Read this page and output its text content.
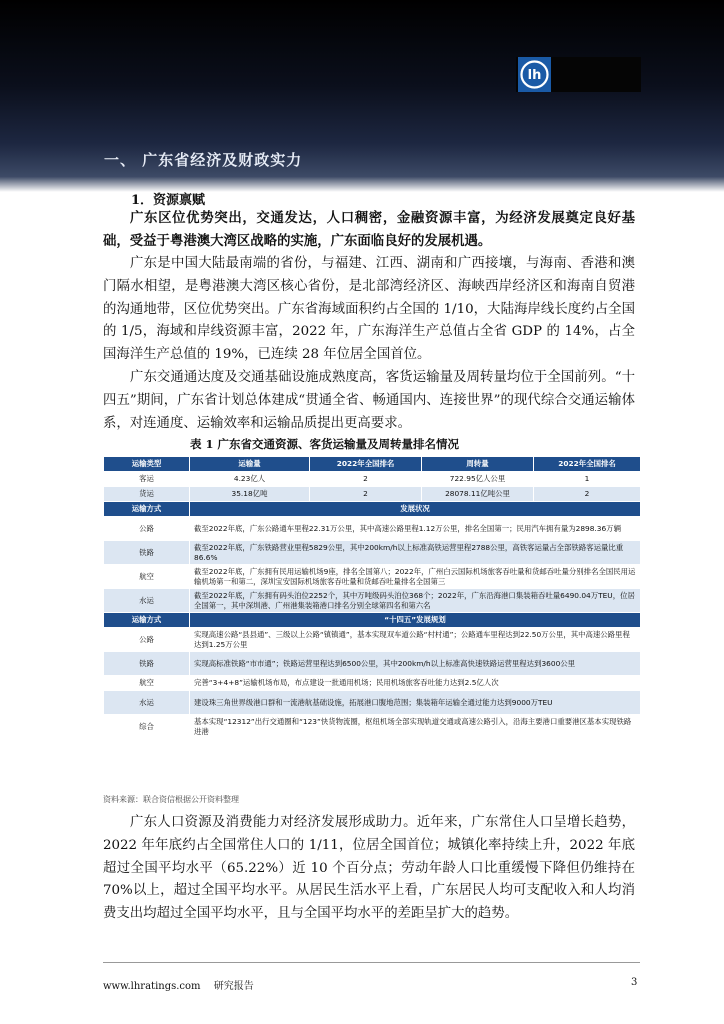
lh
一、 广东省经济及财政实力
1．资源禀赋

广东区位优势突出，交通发达，人口稠密，金融资源丰富，为经济发展奠定良好基础，受益于粤港澳大湾区战略的实施，广东面临良好的发展机遇。

广东是中国大陆最南端的省份，与福建、江西、湖南和广西接壤，与海南、香港和澳门隔水相望，是粤港澳大湾区核心省份，是北部湾经济区、海峡西岸经济区和海南自贸港的沟通地带，区位优势突出。广东省海域面积约占全国的 1/10，大陆海岸线长度约占全国的 1/5，海域和岸线资源丰富，2022 年，广东海洋生产总值占全省 GDP 的 14%，占全国海洋生产总值的 19%，已连续 28 年位居全国首位。

广东交通通达度及交通基础设施成熟度高，客货运输量及周转量均位于全国前列。“十四五”期间，广东省计划总体建成“贯通全省、畅通国内、连接世界”的现代综合交通运输体系，对连通度、运输效率和运输品质提出更高要求。

表 1 广东省交通资源、客货运输量及周转量排名情况
运输类型	运输量	2022年全国排名	周转量	2022年全国排名
客运	4.23亿人	2	722.95亿人公里	1
货运	35.18亿吨	2	28078.11亿吨公里	2
运输方式	发展状况			
公路	截至2022年底，广东公路通车里程22.31万公里，其中高速公路里程1.12万公里，排名全国第一；民用汽车拥有量为2898.36万辆			
铁路	截至2022年底，广东铁路营业里程5829公里，其中200km/h以上标准高铁运营里程2788公里，高铁客运量占全部铁路客运量比重86.6%			
航空	截至2022年底，广东拥有民用运输机场9座，排名全国第八；2022年，广州白云国际机场旅客吞吐量和货邮吞吐量分别排名全国民用运输机场第一和第二，深圳宝安国际机场旅客吞吐量和货邮吞吐量排名全国第三			
水运	截至2022年底，广东拥有码头泊位2252个，其中万吨级码头泊位368个；2022年，广东沿海港口集装箱吞吐量6490.04万TEU，位居全国第一，其中深圳港、广州港集装箱港口排名分别全球第四名和第六名			
运输方式	“十四五”发展规划			
公路	实现高速公路“县县通”、三级以上公路“镇镇通”，基本实现双车道公路“村村通”；公路通车里程达到22.50万公里，其中高速公路里程达到1.25万公里			
铁路	实现高标准铁路“市市通”；铁路运营里程达到6500公里，其中200km/h以上标准高快速铁路运营里程达到3600公里			
航空	完善“3+4+8”运输机场布局，布点建设一批通用机场；民用机场旅客吞吐能力达到2.5亿人次			
水运	建设珠三角世界级港口群和一流港航基础设施，拓展港口腹地范围；集装箱年运输全通过能力达到9000万TEU			
综合	基本实现“12312”出行交通圈和“123”快货物流圈，枢纽机场全部实现轨道交通或高速公路引入，沿海主要港口重要港区基本实现铁路进港			
资料来源：联合资信根据公开资料整理

广东人口资源及消费能力对经济发展形成助力。近年来，广东常住人口呈增长趋势，2022 年年底约占全国常住人口的 1/11，位居全国首位；城镇化率持续上升，2022 年底超过全国平均水平（65.22%）近 10 个百分点；劳动年龄人口比重缓慢下降但仍维持在 70%以上，超过全国平均水平。从居民生活水平上看，广东居民人均可支配收入和人均消费支出均超过全国平均水平，且与全国平均水平的差距呈扩大的趋势。

www.lhratings.com 研究报告	3
